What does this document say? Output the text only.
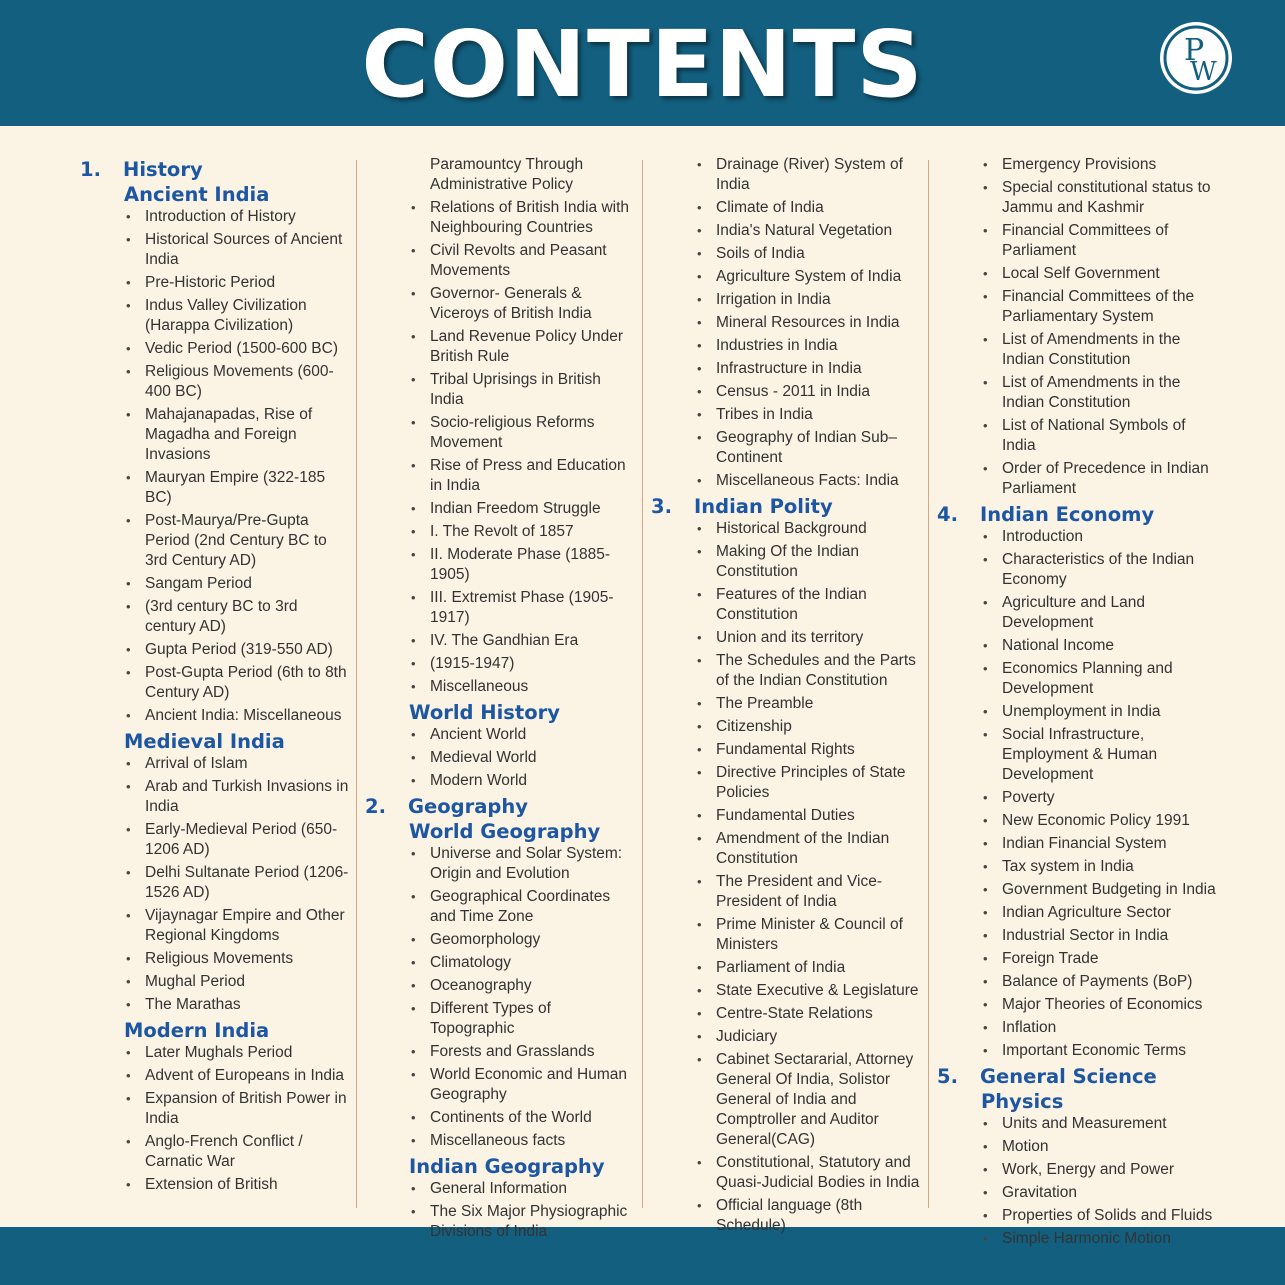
CONTENTS	P
W
1.	History
Ancient India
• Introduction of History
• Historical Sources of Ancient India
• Pre-Historic Period
• Indus Valley Civilization (Harappa Civilization)
• Vedic Period (1500-600 BC)
• Religious Movements (600-400 BC)
• Mahajanapadas, Rise of Magadha and Foreign Invasions
• Mauryan Empire (322-185 BC)
• Post-Maurya/Pre-Gupta Period (2nd Century BC to 3rd Century AD)
• Sangam Period
• (3rd century BC to 3rd century AD)
• Gupta Period (319-550 AD)
• Post-Gupta Period (6th to 8th Century AD)
• Ancient India: Miscellaneous
Medieval India
• Arrival of Islam
• Arab and Turkish Invasions in India
• Early-Medieval Period (650-1206 AD)
• Delhi Sultanate Period (1206-1526 AD)
• Vijaynagar Empire and Other Regional Kingdoms
• Religious Movements
• Mughal Period
• The Marathas
Modern India
• Later Mughals Period
• Advent of Europeans in India
• Expansion of British Power in India
• Anglo-French Conflict / Carnatic War
• Extension of British
Paramountcy Through Administrative Policy
• Relations of British India with Neighbouring Countries
• Civil Revolts and Peasant Movements
• Governor- Generals & Viceroys of British India
• Land Revenue Policy Under British Rule
• Tribal Uprisings in British India
• Socio-religious Reforms Movement
• Rise of Press and Education in India
• Indian Freedom Struggle
• I. The Revolt of 1857
• II. Moderate Phase (1885-1905)
• III. Extremist Phase (1905-1917)
• IV. The Gandhian Era
• (1915-1947)
• Miscellaneous
World History
• Ancient World
• Medieval World
• Modern World
2.	Geography
World Geography
• Universe and Solar System: Origin and Evolution
• Geographical Coordinates and Time Zone
• Geomorphology
• Climatology
• Oceanography
• Different Types of Topographic
• Forests and Grasslands
• World Economic and Human Geography
• Continents of the World
• Miscellaneous facts
Indian Geography
• General Information
• The Six Major Physiographic Divisions of India
• Drainage (River) System of India
• Climate of India
• India's Natural Vegetation
• Soils of India
• Agriculture System of India
• Irrigation in India
• Mineral Resources in India
• Industries in India
• Infrastructure in India
• Census - 2011 in India
• Tribes in India
• Geography of Indian Sub–Continent
• Miscellaneous Facts: India
3.	Indian Polity
• Historical Background
• Making Of the Indian Constitution
• Features of the Indian Constitution
• Union and its territory
• The Schedules and the Parts of the Indian Constitution
• The Preamble
• Citizenship
• Fundamental Rights
• Directive Principles of State Policies
• Fundamental Duties
• Amendment of the Indian Constitution
• The President and Vice-President of India
• Prime Minister & Council of Ministers
• Parliament of India
• State Executive & Legislature
• Centre-State Relations
• Judiciary
• Cabinet Sectararial, Attorney General Of India, Solistor General of India and Comptroller and Auditor General(CAG)
• Constitutional, Statutory and Quasi-Judicial Bodies in India
• Official language (8th Schedule)
• Emergency Provisions
• Special constitutional status to Jammu and Kashmir
• Financial Committees of Parliament
• Local Self Government
• Financial Committees of the Parliamentary System
• List of Amendments in the Indian Constitution
• List of Amendments in the Indian Constitution
• List of National Symbols of India
• Order of Precedence in Indian Parliament
4.	Indian Economy
• Introduction
• Characteristics of the Indian Economy
• Agriculture and Land Development
• National Income
• Economics Planning and Development
• Unemployment in India
• Social Infrastructure, Employment & Human Development
• Poverty
• New Economic Policy 1991
• Indian Financial System
• Tax system in India
• Government Budgeting in India
• Indian Agriculture Sector
• Industrial Sector in India
• Foreign Trade
• Balance of Payments (BoP)
• Major Theories of Economics
• Inflation
• Important Economic Terms
5.	General Science
Physics
• Units and Measurement
• Motion
• Work, Energy and Power
• Gravitation
• Properties of Solids and Fluids
• Simple Harmonic Motion
